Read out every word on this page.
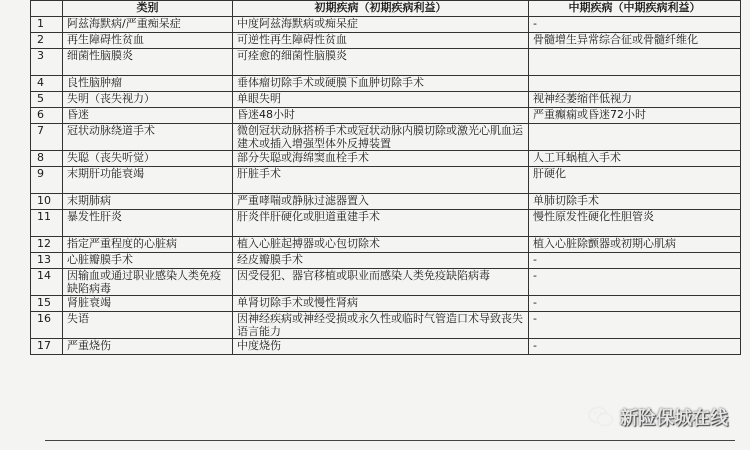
	类别	初期疾病（初期疾病利益）	中期疾病（中期疾病利益）
1	阿兹海默病/严重痴呆症	中度阿兹海默病或痴呆症	-
2	再生障碍性贫血	可逆性再生障碍性贫血	骨髓增生异常综合征或骨髓纤维化
3	细菌性脑膜炎	可痊愈的细菌性脑膜炎	
4	良性脑肿瘤	垂体瘤切除手术或硬膜下血肿切除手术	
5	失明（丧失视力）	单眼失明	视神经萎缩伴低视力
6	昏迷	昏迷48小时	严重癫痫或昏迷72小时
7	冠状动脉绕道手术	微创冠状动脉搭桥手术或冠状动脉内膜切除或激光心肌血运建术或插入增强型体外反搏装置	
8	失聪（丧失听觉）	部分失聪或海绵窦血栓手术	人工耳蜗植入手术
9	末期肝功能衰竭	肝脏手术	肝硬化
10	末期肺病	严重哮喘或静脉过滤器置入	单肺切除手术
11	暴发性肝炎	肝炎伴肝硬化或胆道重建手术	慢性原发性硬化性胆管炎
12	指定严重程度的心脏病	植入心脏起搏器或心包切除术	植入心脏除颤器或初期心肌病
13	心脏瓣膜手术	经皮瓣膜手术	-
14	因输血或通过职业感染人类免疫缺陷病毒	因受侵犯、器官移植或职业而感染人类免疫缺陷病毒	-
15	肾脏衰竭	单肾切除手术或慢性肾病	-
16	失语	因神经疾病或神经受损或永久性或临时气管造口术导致丧失语言能力	-
17	严重烧伤	中度烧伤	-
新险保城在线
